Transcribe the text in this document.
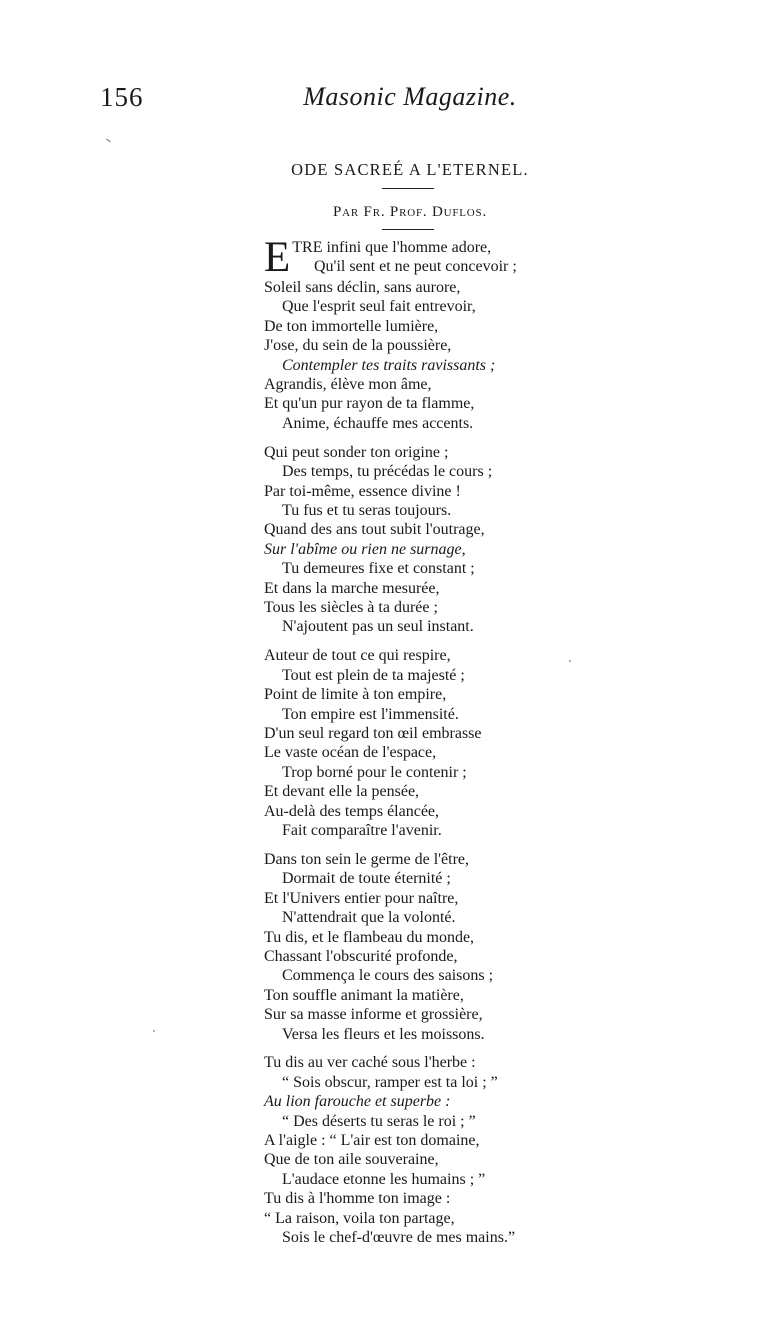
156	Masonic Magazine.
ODE SACREÉ A L'ETERNEL.
Par Fr. Prof. Duflos.
ETRE infini que l'homme adore,
Qu'il sent et ne peut concevoir ;
Soleil sans déclin, sans aurore,
Que l'esprit seul fait entrevoir,
De ton immortelle lumière,
J'ose, du sein de la poussière,
Contempler tes traits ravissants ;
Agrandis, élève mon âme,
Et qu'un pur rayon de ta flamme,
Anime, échauffe mes accents.
Qui peut sonder ton origine ;
Des temps, tu précédas le cours ;
Par toi-même, essence divine !
Tu fus et tu seras toujours.
Quand des ans tout subit l'outrage,
Sur l'abîme ou rien ne surnage,
Tu demeures fixe et constant ;
Et dans la marche mesurée,
Tous les siècles à ta durée ;
N'ajoutent pas un seul instant.
Auteur de tout ce qui respire,
Tout est plein de ta majesté ;
Point de limite à ton empire,
Ton empire est l'immensité.
D'un seul regard ton œil embrasse
Le vaste océan de l'espace,
Trop borné pour le contenir ;
Et devant elle la pensée,
Au-delà des temps élancée,
Fait comparaître l'avenir.
Dans ton sein le germe de l'être,
Dormait de toute éternité ;
Et l'Univers entier pour naître,
N'attendrait que la volonté.
Tu dis, et le flambeau du monde,
Chassant l'obscurité profonde,
Commença le cours des saisons ;
Ton souffle animant la matière,
Sur sa masse informe et grossière,
Versa les fleurs et les moissons.
Tu dis au ver caché sous l'herbe :
“ Sois obscur, ramper est ta loi ; ”
Au lion farouche et superbe :
“ Des déserts tu seras le roi ; ”
A l'aigle : “ L'air est ton domaine,
Que de ton aile souveraine,
L'audace etonne les humains ; ”
Tu dis à l'homme ton image :
“ La raison, voila ton partage,
Sois le chef-d'œuvre de mes mains.”
